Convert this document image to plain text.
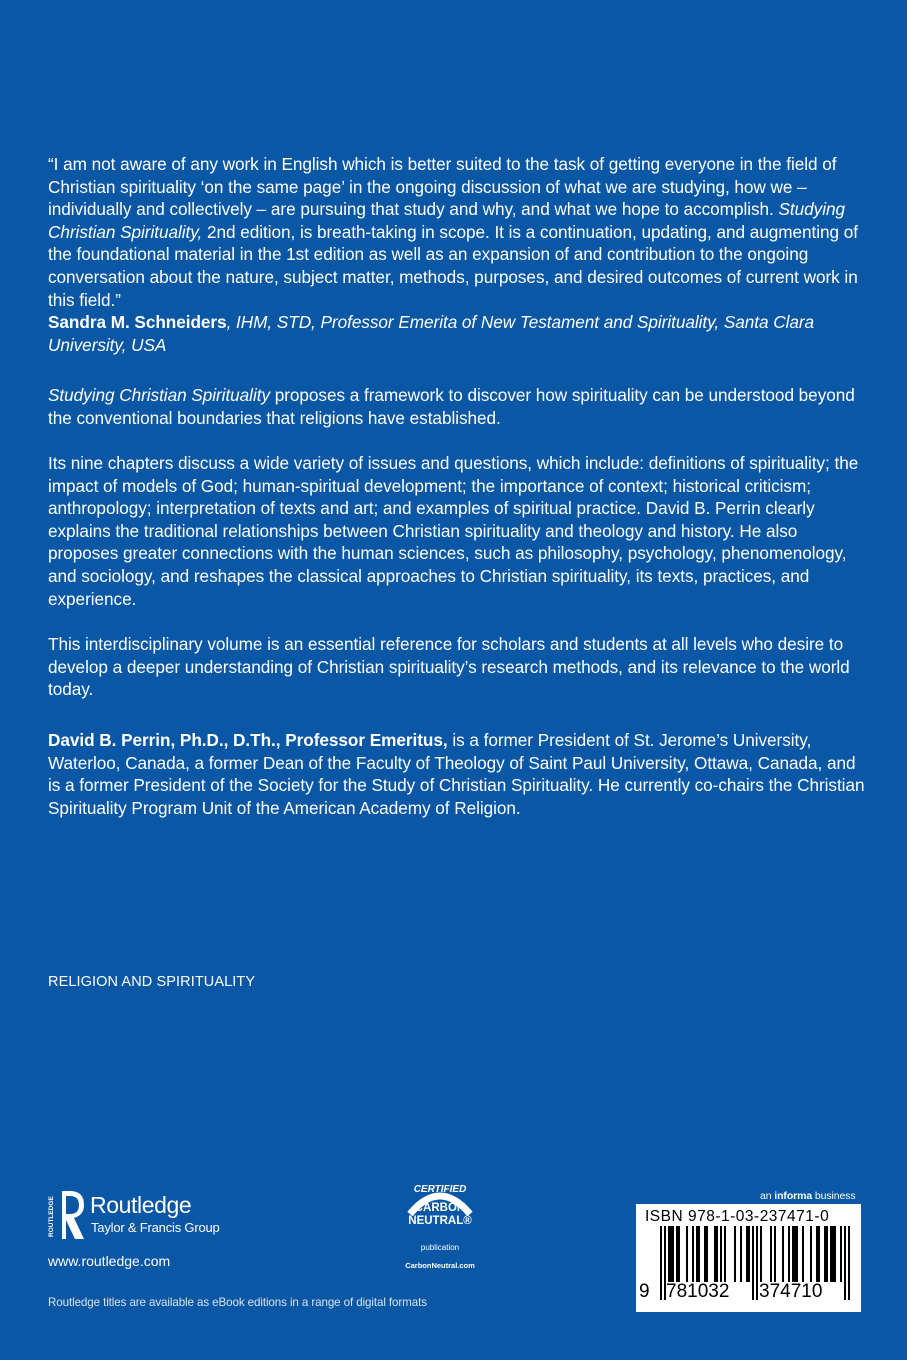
“I am not aware of any work in English which is better suited to the task of getting everyone in the field of Christian spirituality ‘on the same page’ in the ongoing discussion of what we are studying, how we – individually and collectively – are pursuing that study and why, and what we hope to accomplish. Studying Christian Spirituality, 2nd edition, is breath-taking in scope. It is a continuation, updating, and augmenting of the foundational material in the 1st edition as well as an expansion of and contribution to the ongoing conversation about the nature, subject matter, methods, purposes, and desired outcomes of current work in this field.”

Sandra M. Schneiders, IHM, STD, Professor Emerita of New Testament and Spirituality, Santa Clara University, USA

Studying Christian Spirituality proposes a framework to discover how spirituality can be understood beyond the conventional boundaries that religions have established.

Its nine chapters discuss a wide variety of issues and questions, which include: definitions of spirituality; the impact of models of God; human-spiritual development; the importance of context; historical criticism; anthropology; interpretation of texts and art; and examples of spiritual practice. David B. Perrin clearly explains the traditional relationships between Christian spirituality and theology and history. He also proposes greater connections with the human sciences, such as philosophy, psychology, phenomenology, and sociology, and reshapes the classical approaches to Christian spirituality, its texts, practices, and experience.

This interdisciplinary volume is an essential reference for scholars and students at all levels who desire to develop a deeper understanding of Christian spirituality’s research methods, and its relevance to the world today.

David B. Perrin, Ph.D., D.Th., Professor Emeritus, is a former President of St. Jerome’s University, Waterloo, Canada, a former Dean of the Faculty of Theology of Saint Paul University, Ottawa, Canada, and is a former President of the Society for the Study of Christian Spirituality. He currently co-chairs the Christian Spirituality Program Unit of the American Academy of Religion.

RELIGION AND SPIRITUALITY
ROUTLEDGE Routledge
Taylor & Francis Group
www.routledge.com
Routledge titles are available as eBook editions in a range of digital formats
CERTIFIED
CARBON
NEUTRAL®
publication
CarbonNeutral.com
an informa business
ISBN 978-1-03-237471-0
9 781032 374710
